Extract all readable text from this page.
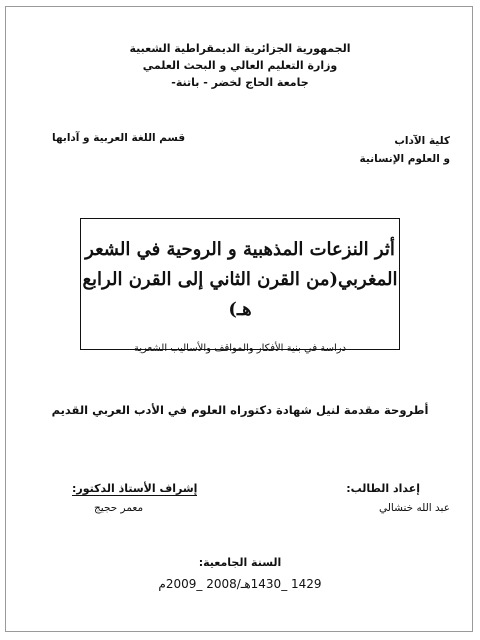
الجمهورية الجزائرية الديمقراطية الشعبية
وزارة التعليم العالي و البحث العلمي
جامعة الحاج لخضر - باتنة-
كلية الآداب
و العلوم الإنسانية
قسم اللغة العربية و آدابها
أثر النزعات المذهبية و الروحية في الشعر
المغربي(من القرن الثاني إلى القرن الرابع هـ)
دراسة في بنية الأفكار والمواقف والأساليب الشعرية
أطروحة مقدمة لنيل شهادة دكتوراه العلوم في الأدب العربي القديم
إعداد الطالب:
عبد الله خنشالي
إشراف الأستاذ الدكتور:
معمر حجيج
السنة الجامعية:
1429 _1430هـ/2008 _2009م
